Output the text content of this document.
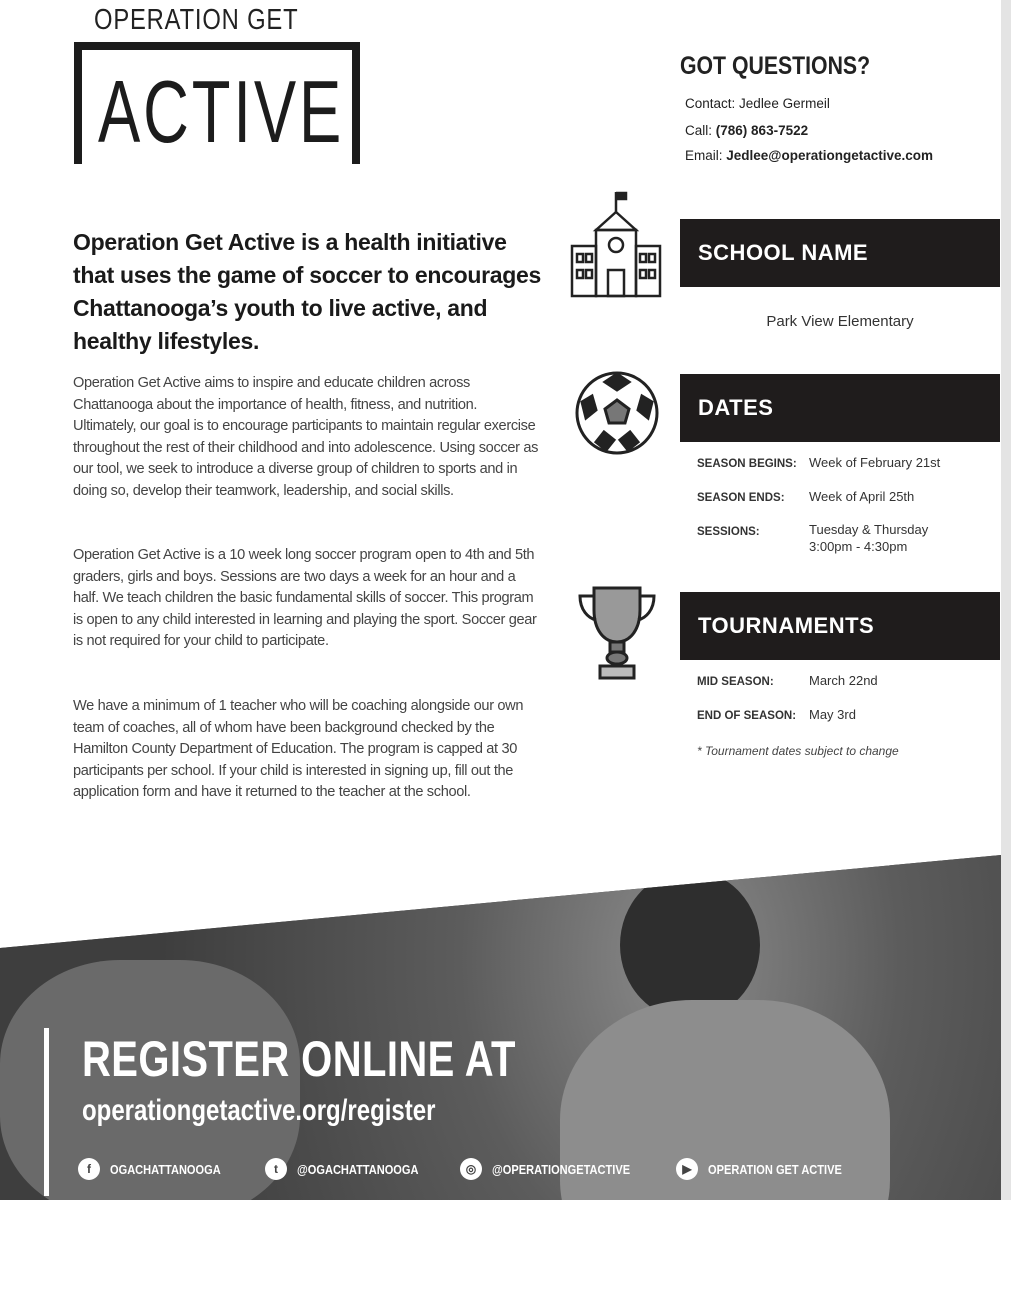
OPERATION GET
ACTIVE	GOT QUESTIONS?
Contact: Jedlee Germeil
Call: (786) 863-7522
Email: Jedlee@operationgetactive.com
Operation Get Active is a health initiative that uses the game of soccer to encourages Chattanooga’s youth to live active, and healthy lifestyles.
Operation Get Active aims to inspire and educate children across Chattanooga about the importance of health, fitness, and nutrition. Ultimately, our goal is to encourage participants to maintain regular exercise throughout the rest of their childhood and into adolescence. Using soccer as our tool, we seek to introduce a diverse group of children to sports and in doing so, develop their teamwork, leadership, and social skills.
Operation Get Active is a 10 week long soccer program open to 4th and 5th graders, girls and boys. Sessions are two days a week for an hour and a half. We teach children the basic fundamental skills of soccer. This program is open to any child interested in learning and playing the sport. Soccer gear is not required for your child to participate.
We have a minimum of 1 teacher who will be coaching alongside our own team of coaches, all of whom have been background checked by the Hamilton County Department of Education. The program is capped at 30 participants per school. If your child is interested in signing up, fill out the application form and have it returned to the teacher at the school.
SCHOOL NAME
Park View Elementary
DATES
SEASON BEGINS: Week of February 21st
SEASON ENDS: Week of April 25th
SESSIONS:	Tuesday & Thursday
3:00pm - 4:30pm
TOURNAMENTS
MID SEASON:	March 22nd
END OF SEASON: May 3rd
* Tournament dates subject to change
REGISTER ONLINE AT
operationgetactive.org/register
f	OGACHATTANOOGA	t	@OGACHATTANOOGA	◎	@OPERATIONGETACTIVE	▶	OPERATION GET ACTIVE
